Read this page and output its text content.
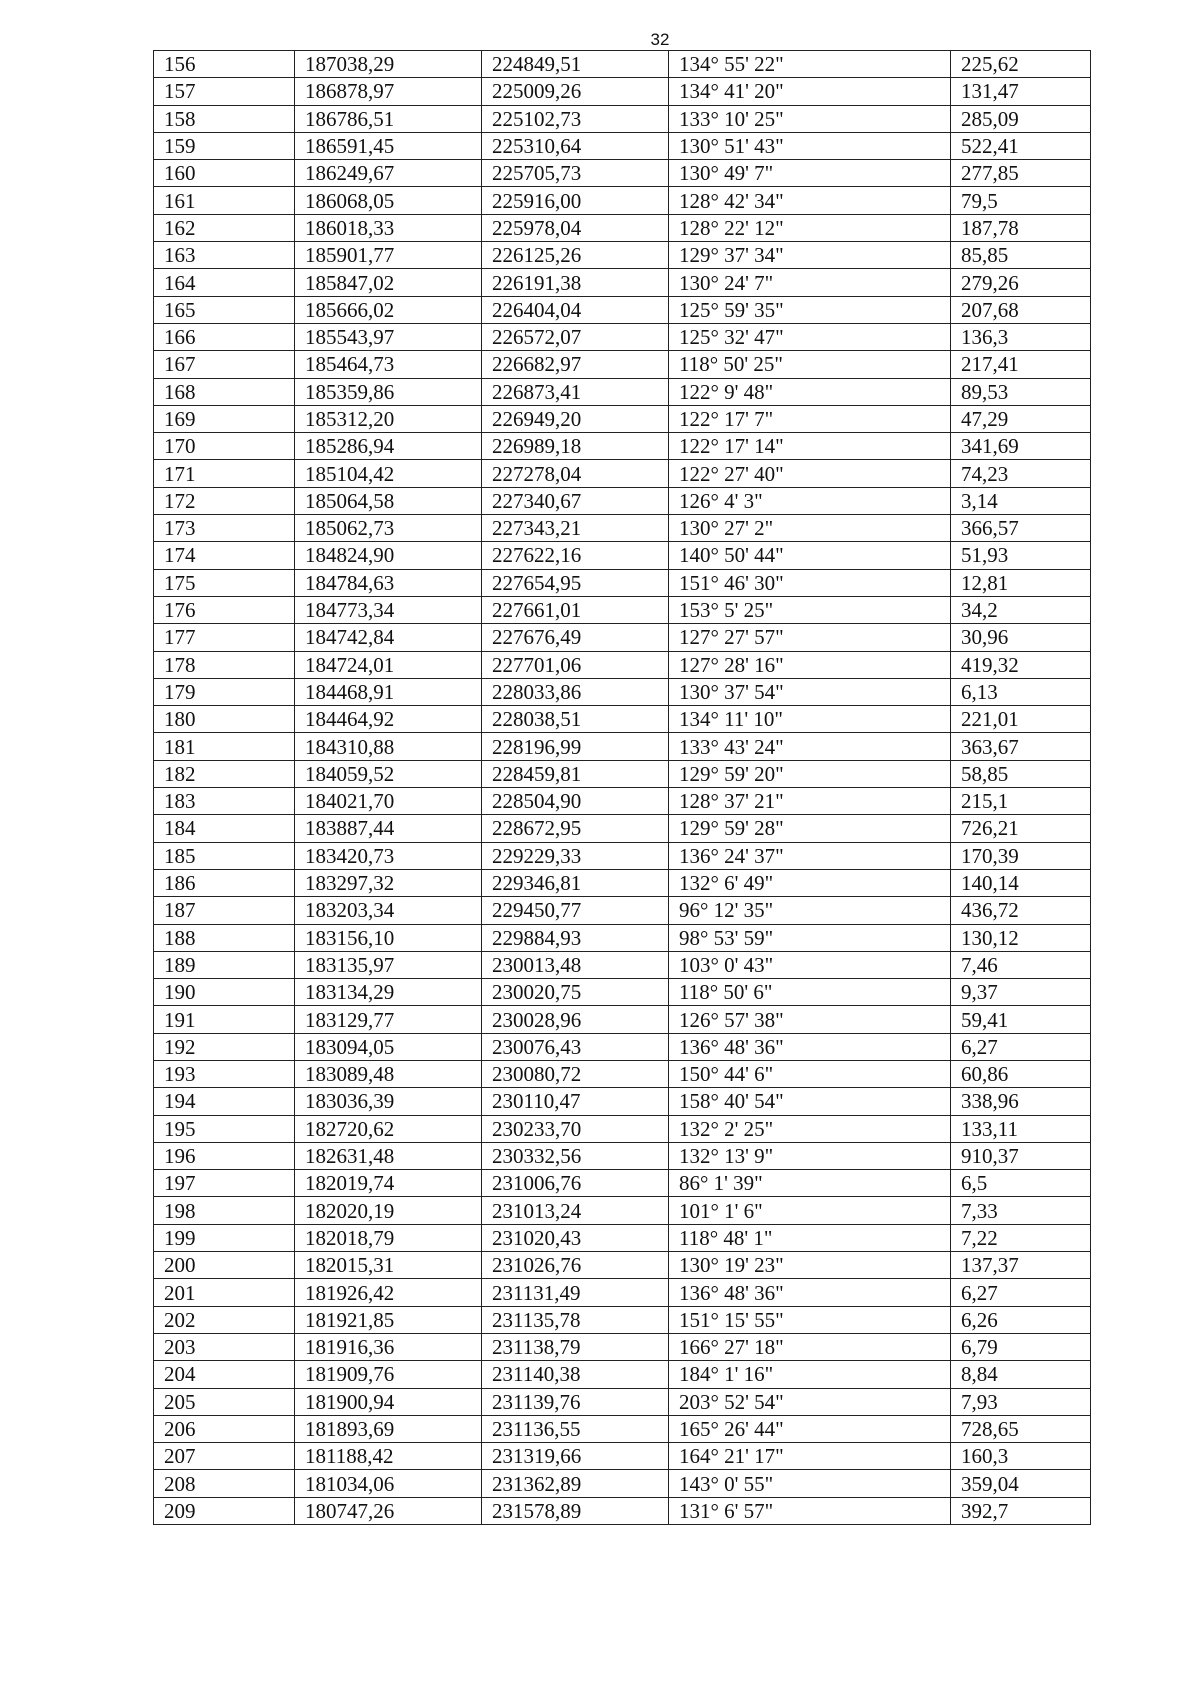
32
156	187038,29	224849,51	134° 55' 22"	225,62
157	186878,97	225009,26	134° 41' 20"	131,47
158	186786,51	225102,73	133° 10' 25"	285,09
159	186591,45	225310,64	130° 51' 43"	522,41
160	186249,67	225705,73	130° 49' 7"	277,85
161	186068,05	225916,00	128° 42' 34"	79,5
162	186018,33	225978,04	128° 22' 12"	187,78
163	185901,77	226125,26	129° 37' 34"	85,85
164	185847,02	226191,38	130° 24' 7"	279,26
165	185666,02	226404,04	125° 59' 35"	207,68
166	185543,97	226572,07	125° 32' 47"	136,3
167	185464,73	226682,97	118° 50' 25"	217,41
168	185359,86	226873,41	122° 9' 48"	89,53
169	185312,20	226949,20	122° 17' 7"	47,29
170	185286,94	226989,18	122° 17' 14"	341,69
171	185104,42	227278,04	122° 27' 40"	74,23
172	185064,58	227340,67	126° 4' 3"	3,14
173	185062,73	227343,21	130° 27' 2"	366,57
174	184824,90	227622,16	140° 50' 44"	51,93
175	184784,63	227654,95	151° 46' 30"	12,81
176	184773,34	227661,01	153° 5' 25"	34,2
177	184742,84	227676,49	127° 27' 57"	30,96
178	184724,01	227701,06	127° 28' 16"	419,32
179	184468,91	228033,86	130° 37' 54"	6,13
180	184464,92	228038,51	134° 11' 10"	221,01
181	184310,88	228196,99	133° 43' 24"	363,67
182	184059,52	228459,81	129° 59' 20"	58,85
183	184021,70	228504,90	128° 37' 21"	215,1
184	183887,44	228672,95	129° 59' 28"	726,21
185	183420,73	229229,33	136° 24' 37"	170,39
186	183297,32	229346,81	132° 6' 49"	140,14
187	183203,34	229450,77	96° 12' 35"	436,72
188	183156,10	229884,93	98° 53' 59"	130,12
189	183135,97	230013,48	103° 0' 43"	7,46
190	183134,29	230020,75	118° 50' 6"	9,37
191	183129,77	230028,96	126° 57' 38"	59,41
192	183094,05	230076,43	136° 48' 36"	6,27
193	183089,48	230080,72	150° 44' 6"	60,86
194	183036,39	230110,47	158° 40' 54"	338,96
195	182720,62	230233,70	132° 2' 25"	133,11
196	182631,48	230332,56	132° 13' 9"	910,37
197	182019,74	231006,76	86° 1' 39"	6,5
198	182020,19	231013,24	101° 1' 6"	7,33
199	182018,79	231020,43	118° 48' 1"	7,22
200	182015,31	231026,76	130° 19' 23"	137,37
201	181926,42	231131,49	136° 48' 36"	6,27
202	181921,85	231135,78	151° 15' 55"	6,26
203	181916,36	231138,79	166° 27' 18"	6,79
204	181909,76	231140,38	184° 1' 16"	8,84
205	181900,94	231139,76	203° 52' 54"	7,93
206	181893,69	231136,55	165° 26' 44"	728,65
207	181188,42	231319,66	164° 21' 17"	160,3
208	181034,06	231362,89	143° 0' 55"	359,04
209	180747,26	231578,89	131° 6' 57"	392,7
